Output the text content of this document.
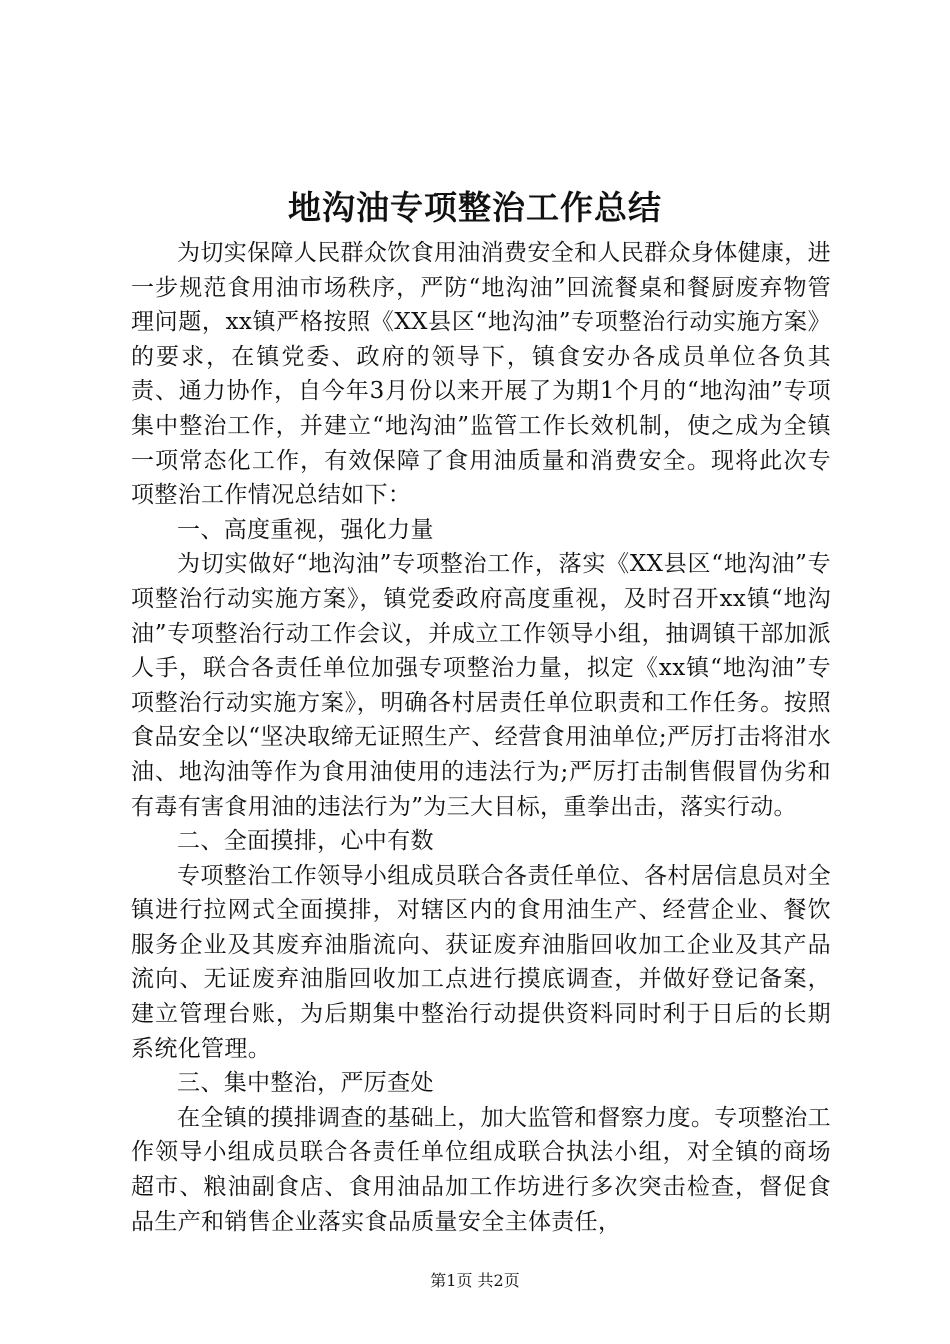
地沟油专项整治工作总结

为切实保障人民群众饮食用油消费安全和人民群众身体健康，进一步规范食用油市场秩序，严防“地沟油”回流餐桌和餐厨废弃物管理问题，xx镇严格按照《XX县区“地沟油”专项整治行动实施方案》的要求，在镇党委、政府的领导下，镇食安办各成员单位各负其责、通力协作，自今年3月份以来开展了为期1个月的“地沟油”专项集中整治工作，并建立“地沟油”监管工作长效机制，使之成为全镇一项常态化工作，有效保障了食用油质量和消费安全。现将此次专项整治工作情况总结如下：

一、高度重视，强化力量

为切实做好“地沟油”专项整治工作，落实《XX县区“地沟油”专项整治行动实施方案》，镇党委政府高度重视，及时召开xx镇“地沟油”专项整治行动工作会议，并成立工作领导小组，抽调镇干部加派人手，联合各责任单位加强专项整治力量，拟定《xx镇“地沟油”专项整治行动实施方案》，明确各村居责任单位职责和工作任务。按照食品安全以“坚决取缔无证照生产、经营食用油单位;严厉打击将泔水油、地沟油等作为食用油使用的违法行为;严厉打击制售假冒伪劣和有毒有害食用油的违法行为”为三大目标，重拳出击，落实行动。

二、全面摸排，心中有数

专项整治工作领导小组成员联合各责任单位、各村居信息员对全镇进行拉网式全面摸排，对辖区内的食用油生产、经营企业、餐饮服务企业及其废弃油脂流向、获证废弃油脂回收加工企业及其产品流向、无证废弃油脂回收加工点进行摸底调查，并做好登记备案，建立管理台账，为后期集中整治行动提供资料同时利于日后的长期系统化管理。

三、集中整治，严厉查处

在全镇的摸排调查的基础上，加大监管和督察力度。专项整治工作领导小组成员联合各责任单位组成联合执法小组，对全镇的商场超市、粮油副食店、食用油品加工作坊进行多次突击检查，督促食品生产和销售企业落实食品质量安全主体责任，

第1页 共2页
